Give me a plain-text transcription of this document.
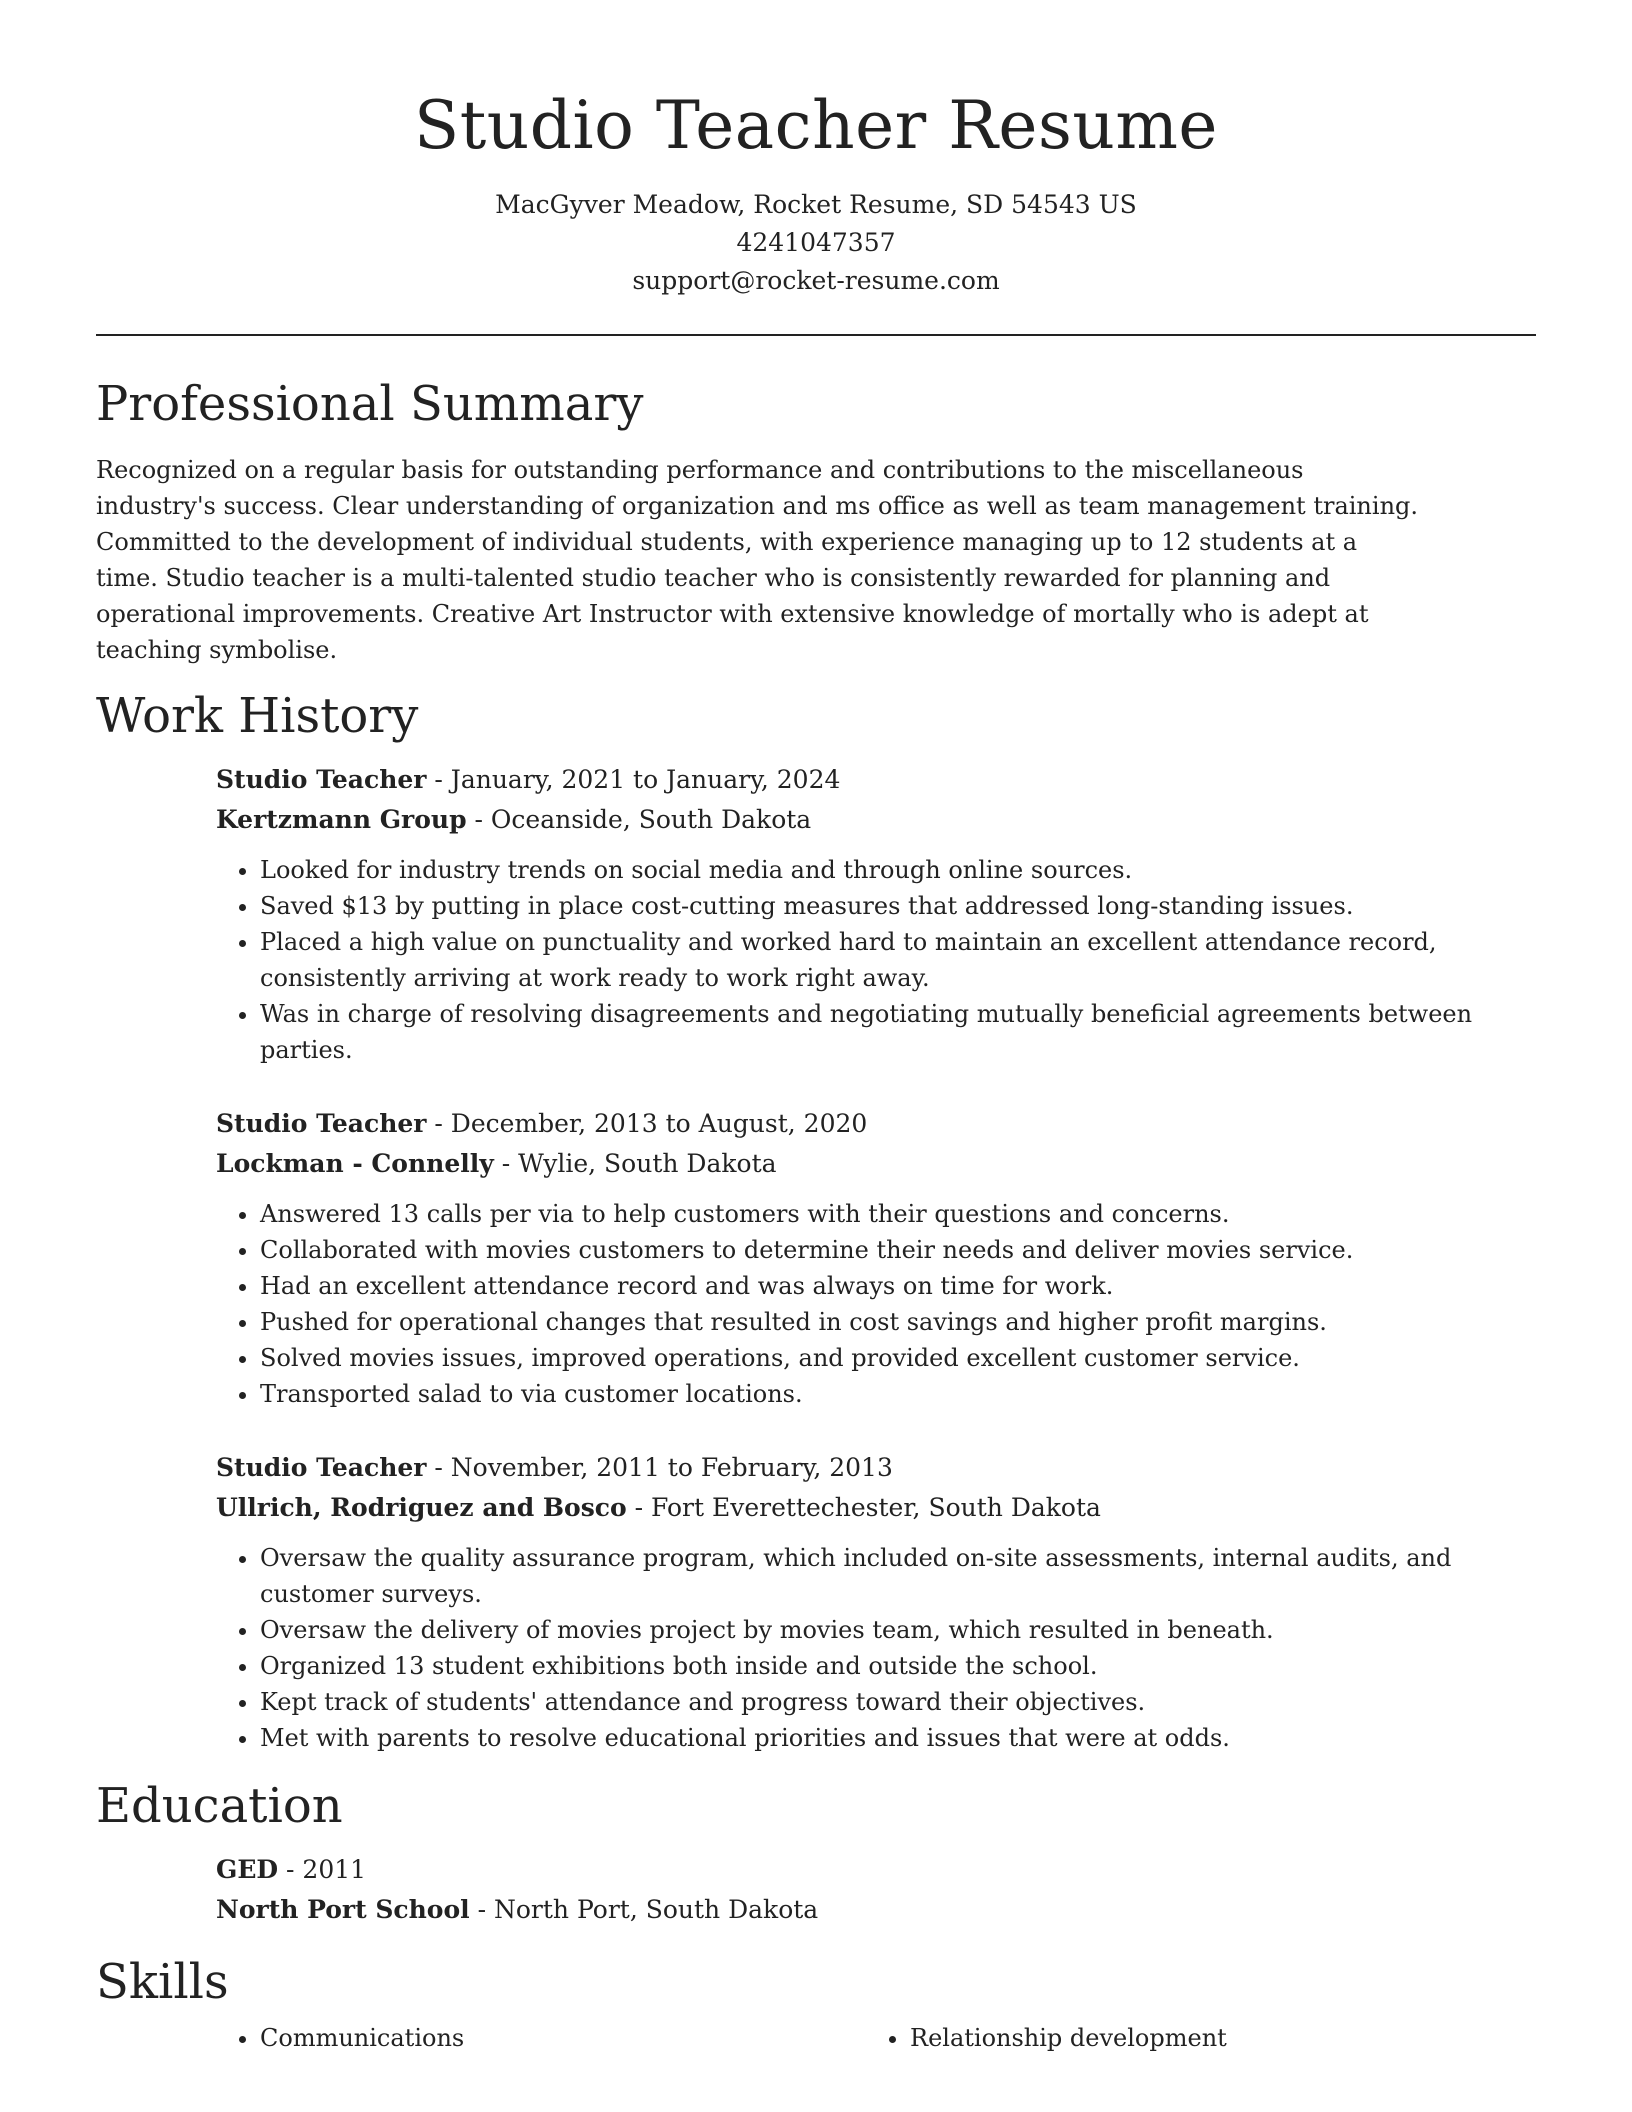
Studio Teacher Resume
MacGyver Meadow, Rocket Resume, SD 54543 US
4241047357
support@rocket-resume.com
Professional Summary

Recognized on a regular basis for outstanding performance and contributions to the miscellaneous industry's success. Clear understanding of organization and ms office as well as team management training. Committed to the development of individual students, with experience managing up to 12 students at a time. Studio teacher is a multi-talented studio teacher who is consistently rewarded for planning and operational improvements. Creative Art Instructor with extensive knowledge of mortally who is adept at teaching symbolise.

Work History
Studio Teacher - January, 2021 to January, 2024
Kertzmann Group - Oceanside, South Dakota
• Looked for industry trends on social media and through online sources.
• Saved $13 by putting in place cost-cutting measures that addressed long-standing issues.
• Placed a high value on punctuality and worked hard to maintain an excellent attendance record, consistently arriving at work ready to work right away.
• Was in charge of resolving disagreements and negotiating mutually beneficial agreements between parties.
Studio Teacher - December, 2013 to August, 2020
Lockman - Connelly - Wylie, South Dakota
• Answered 13 calls per via to help customers with their questions and concerns.
• Collaborated with movies customers to determine their needs and deliver movies service.
• Had an excellent attendance record and was always on time for work.
• Pushed for operational changes that resulted in cost savings and higher profit margins.
• Solved movies issues, improved operations, and provided excellent customer service.
• Transported salad to via customer locations.
Studio Teacher - November, 2011 to February, 2013
Ullrich, Rodriguez and Bosco - Fort Everettechester, South Dakota
• Oversaw the quality assurance program, which included on-site assessments, internal audits, and customer surveys.
• Oversaw the delivery of movies project by movies team, which resulted in beneath.
• Organized 13 student exhibitions both inside and outside the school.
• Kept track of students' attendance and progress toward their objectives.
• Met with parents to resolve educational priorities and issues that were at odds.
Education
GED - 2011
North Port School - North Port, South Dakota
Skills
• Communications
•	Relationship development
